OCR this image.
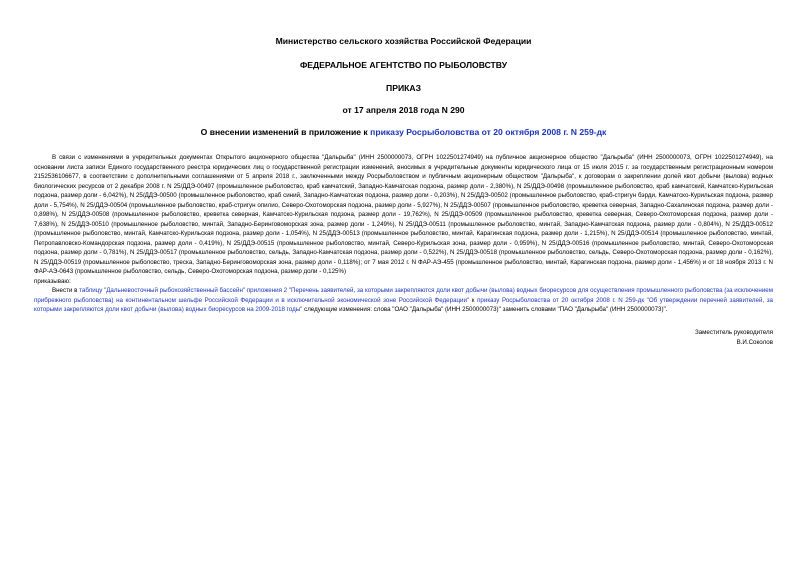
Министерство сельского хозяйства Российской Федерации

ФЕДЕРАЛЬНОЕ АГЕНТСТВО ПО РЫБОЛОВСТВУ

ПРИКАЗ

от 17 апреля 2018 года N 290

О внесении изменений в приложение к приказу Росрыболовства от 20 октября 2008 г. N 259-дк

В связи с изменениями в учредительных документах Открытого акционерного общества "Дальрыба" (ИНН 2500000073, ОГРН 1022501274949) на публичное акционерное общество "Дальрыба" (ИНН 2500000073, ОГРН 1022501274949), на основании листа записи Единого государственного реестра юридических лиц о государственной регистрации изменений, вносимых в учредительные документы юридического лица от 15 июля 2015 г. за государственным регистрационным номером 2152536106677, в соответствии с дополнительными соглашениями от 5 апреля 2018 г., заключенными между Росрыболовством и публичным акционерным обществом "Дальрыба", к договорам о закреплении долей квот добычи (вылова) водных биологических ресурсов от 2 декабря 2008 г. N 25/ДДЭ-00497 (промышленное рыболовство, краб камчатский, Западно-Камчатская подзона, размер доли - 2,380%), N 25/ДДЭ-00498 (промышленное рыболовство, краб камчатский, Камчатско-Курильская подзона, размер доли - 6,042%), N 25/ДДЭ-00500 (промышленное рыболовство, краб синий, Западно-Камчатская подзона, размер доли - 0,203%), N 25/ДДЭ-00502 (промышленное рыболовство, краб-стригун бэрди, Камчатско-Курильская подзона, размер доли - 5,754%), N 25/ДДЭ-00504 (промышленное рыболовство, краб-стригун опилио, Северо-Охотоморская подзона, размер доли - 5,927%), N 25/ДДЭ-00507 (промышленное рыболовство, креветка северная, Западно-Сахалинская подзона, размер доли - 0,898%), N 25/ДДЭ-00508 (промышленное рыболовство, креветка северная, Камчатско-Курильская подзона, размер доли - 19,762%), N 25/ДДЭ-00509 (промышленное рыболовство, креветка северная, Северо-Охотоморская подзона, размер доли - 7,638%), N 25/ДДЭ-00510 (промышленное рыболовство, минтай, Западно-Беринговоморская зона, размер доли - 1,249%), N 25/ДДЭ-00511 (промышленное рыболовство, минтай, Западно-Камчатская подзона, размер доли - 0,804%), N 25/ДДЭ-00512 (промышленное рыболовство, минтай, Камчатско-Курильская подзона, размер доли - 1,054%), N 25/ДДЭ-00513 (промышленное рыболовство, минтай, Карагинская подзона, размер доли - 1,215%), N 25/ДДЭ-00514 (промышленное рыболовство, минтай, Петропавловско-Командорская подзона, размер доли - 0,419%), N 25/ДДЭ-00515 (промышленное рыболовство, минтай, Северо-Курильская зона, размер доли - 0,959%), N 25/ДДЭ-00516 (промышленное рыболовство, минтай, Северо-Охотоморская подзона, размер доли - 0,781%), N 25/ДДЭ-00517 (промышленное рыболовство, сельдь, Западно-Камчатская подзона, размер доли - 0,522%), N 25/ДДЭ-00518 (промышленное рыболовство, сельдь, Северо-Охотоморская подзона, размер доли - 0,162%), N 25/ДДЭ-00519 (промышленное рыболовство, треска, Западно-Беринговоморская зона, размер доли - 0,118%); от 7 мая 2012 г. N ФАР-АЭ-455 (промышленное рыболовство, минтай, Карагинская подзона, размер доли - 1,456%) и от 18 ноября 2013 г. N ФАР-АЭ-0643 (промышленное рыболовство, сельдь, Северо-Охотоморская подзона, размер доли - 0,125%)

приказываю:

Внести в таблицу "Дальневосточный рыбохозяйственный бассейн" приложения 2 "Перечень заявителей, за которыми закрепляются доли квот добычи (вылова) водных биоресурсов для осуществления промышленного рыболовства (за исключением прибрежного рыболовства) на континентальном шельфе Российской Федерации и в исключительной экономической зоне Российской Федерации" к приказу Росрыболовства от 20 октября 2008 г. N 259-дк "Об утверждении перечней заявителей, за которыми закрепляются доли квот добычи (вылова) водных биоресурсов на 2009-2018 годы" следующие изменения: слова "ОАО "Дальрыба" (ИНН 2500000073)" заменить словами "ПАО "Дальрыба" (ИНН 2500000073)".

Заместитель руководителя

В.И.Соколов
